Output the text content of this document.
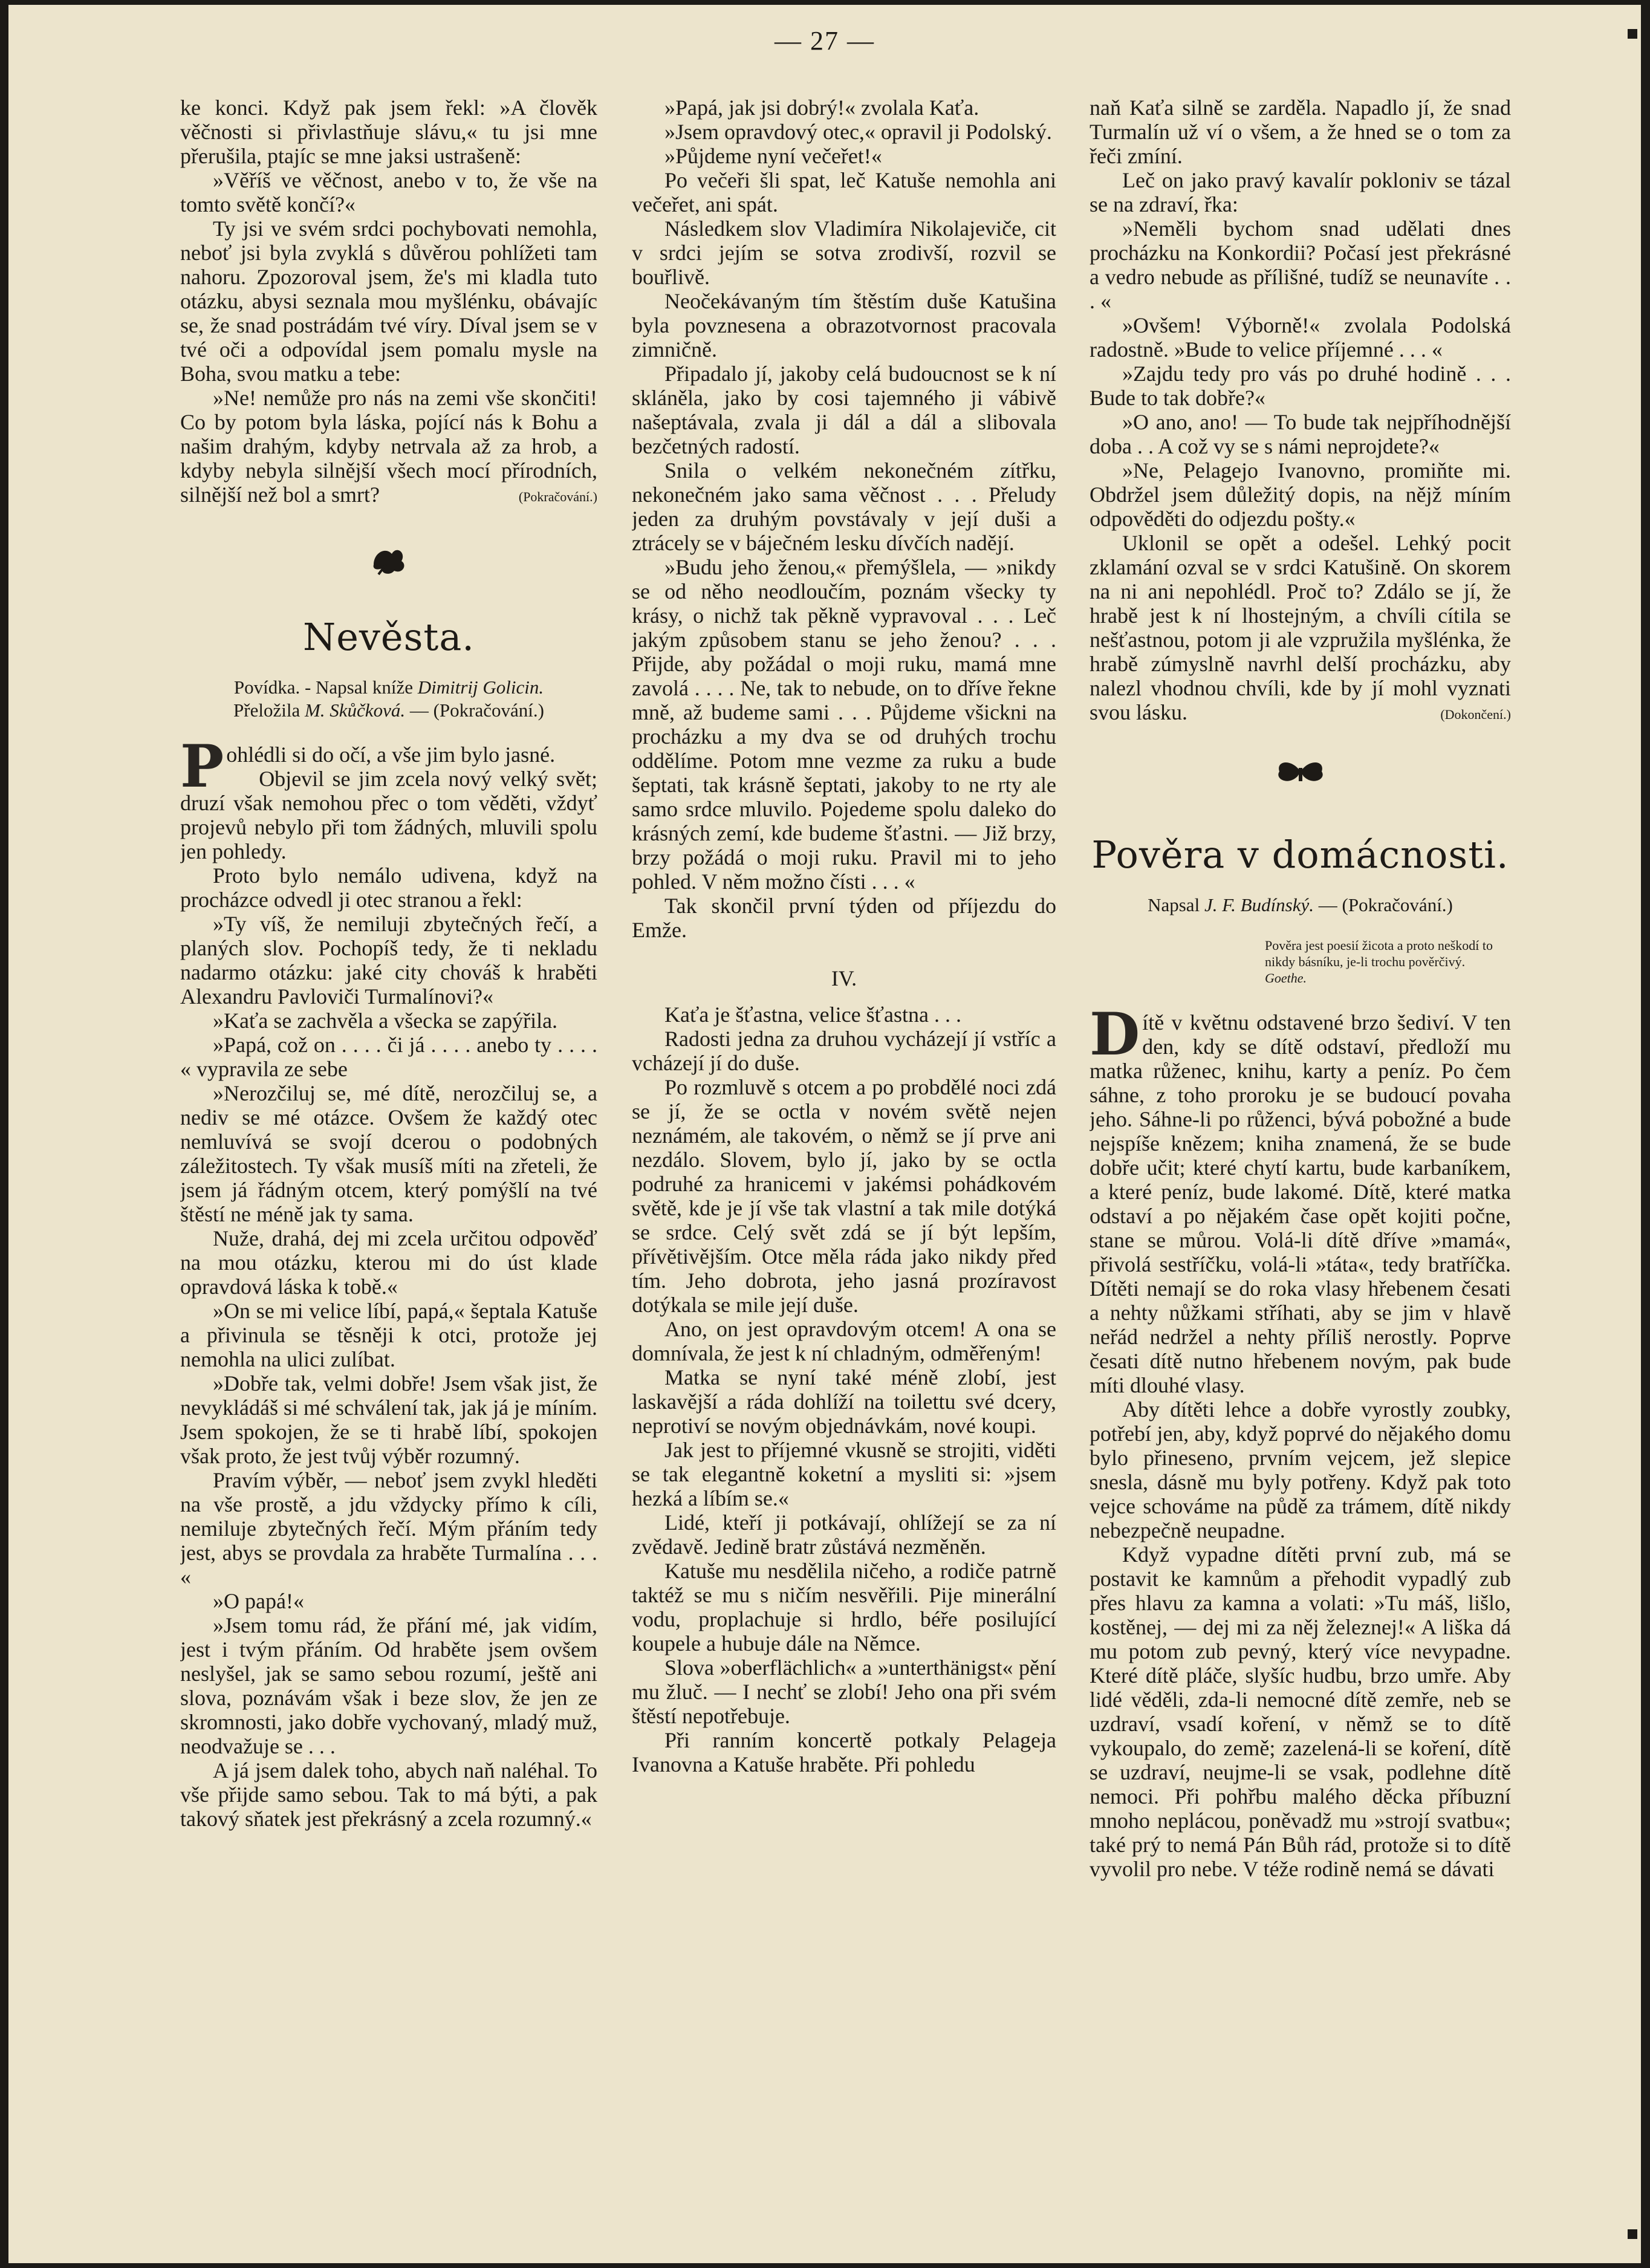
— 27 —

ke konci. Když pak jsem řekl: »A člověk věčnosti si přivlastňuje slávu,« tu jsi mne přerušila, ptajíc se mne jaksi ustrašeně:

»Věříš ve věčnost, anebo v to, že vše na tomto světě končí?«

Ty jsi ve svém srdci pochybovati nemohla, neboť jsi byla zvyklá s důvěrou pohlížeti tam nahoru. Zpozoroval jsem, že's mi kladla tuto otázku, abysi seznala mou myšlénku, obávajíc se, že snad postrádám tvé víry. Díval jsem se v tvé oči a odpovídal jsem pomalu mysle na Boha, svou matku a tebe:

»Ne! nemůže pro nás na zemi vše skončiti! Co by potom byla láska, pojící nás k Bohu a našim drahým, kdyby netrvala až za hrob, a kdyby nebyla silnější všech mocí přírodních, silnější než bol a smrt?	(Pokračování.)

Nevěsta.
Povídka. - Napsal kníže Dimitrij Golicin.
Přeložila M. Skůčková. — (Pokračování.)

Pohlédli si do očí, a vše jim bylo jasné.

Objevil se jim zcela nový velký svět; druzí však nemohou přec o tom věděti, vždyť projevů nebylo při tom žádných, mluvili spolu jen pohledy.

Proto bylo nemálo udivena, když na procházce odvedl ji otec stranou a řekl:

»Ty víš, že nemiluji zbytečných řečí, a planých slov. Pochopíš tedy, že ti nekladu nadarmo otázku: jaké city chováš k hraběti Alexandru Pavloviči Turmalínovi?«

»Kaťa se zachvěla a všecka se zapýřila.

»Papá, což on . . . . či já . . . . anebo ty . . . . « vypravila ze sebe

»Nerozčiluj se, mé dítě, nerozčiluj se, a nediv se mé otázce. Ovšem že každý otec nemluvívá se svojí dcerou o podobných záležitostech. Ty však musíš míti na zřeteli, že jsem já řádným otcem, který pomýšlí na tvé štěstí ne méně jak ty sama.

Nuže, drahá, dej mi zcela určitou odpověď na mou otázku, kterou mi do úst klade opravdová láska k tobě.«

»On se mi velice líbí, papá,« šeptala Katuše a přivinula se těsněji k otci, protože jej nemohla na ulici zulíbat.

»Dobře tak, velmi dobře! Jsem však jist, že nevykládáš si mé schválení tak, jak já je míním. Jsem spokojen, že se ti hrabě líbí, spokojen však proto, že jest tvůj výběr rozumný.

Pravím výběr, — neboť jsem zvykl hleděti na vše prostě, a jdu vždycky přímo k cíli, nemiluje zbytečných řečí. Mým přáním tedy jest, abys se provdala za hraběte Turmalína . . . «

»O papá!«

»Jsem tomu rád, že přání mé, jak vidím, jest i tvým přáním. Od hraběte jsem ovšem neslyšel, jak se samo sebou rozumí, ještě ani slova, poznávám však i beze slov, že jen ze skromnosti, jako dobře vychovaný, mladý muž, neodvažuje se . . .

A já jsem dalek toho, abych naň naléhal. To vše přijde samo sebou. Tak to má býti, a pak takový sňatek jest překrásný a zcela rozumný.«

»Papá, jak jsi dobrý!« zvolala Kaťa.

»Jsem opravdový otec,« opravil ji Podolský.

»Půjdeme nyní večeřet!«

Po večeři šli spat, leč Katuše nemohla ani večeřet, ani spát.

Následkem slov Vladimíra Nikolajeviče, cit v srdci jejím se sotva zrodivší, rozvil se bouřlivě.

Neočekávaným tím štěstím duše Katušina byla povznesena a obrazotvornost pracovala zimničně.

Připadalo jí, jakoby celá budoucnost se k ní skláněla, jako by cosi tajemného ji vábivě našeptávala, zvala ji dál a dál a slibovala bezčetných radostí.

Snila o velkém nekonečném zítřku, nekonečném jako sama věčnost . . . Přeludy jeden za druhým povstávaly v její duši a ztrácely se v báječném lesku dívčích nadějí.

»Budu jeho ženou,« přemýšlela, — »nikdy se od něho neodloučím, poznám všecky ty krásy, o nichž tak pěkně vypravoval . . . Leč jakým způsobem stanu se jeho ženou? . . . Přijde, aby požádal o moji ruku, mamá mne zavolá . . . . Ne, tak to nebude, on to dříve řekne mně, až budeme sami . . . Půjdeme všickni na procházku a my dva se od druhých trochu oddělíme. Potom mne vezme za ruku a bude šeptati, tak krásně šeptati, jakoby to ne rty ale samo srdce mluvilo. Pojedeme spolu daleko do krásných zemí, kde budeme šťastni. — Již brzy, brzy požádá o moji ruku. Pravil mi to jeho pohled. V něm možno čísti . . . «

Tak skončil první týden od příjezdu do Emže.

IV.

Kaťa je šťastna, velice šťastna . . .

Radosti jedna za druhou vycházejí jí vstříc a vcházejí jí do duše.

Po rozmluvě s otcem a po probdělé noci zdá se jí, že se octla v novém světě nejen neznámém, ale takovém, o němž se jí prve ani nezdálo. Slovem, bylo jí, jako by se octla podruhé za hranicemi v jakémsi pohádkovém světě, kde je jí vše tak vlastní a tak mile dotýká se srdce. Celý svět zdá se jí být lepším, přívětivějším. Otce měla ráda jako nikdy před tím. Jeho dobrota, jeho jasná prozíravost dotýkala se mile její duše.

Ano, on jest opravdovým otcem! A ona se domnívala, že jest k ní chladným, odměřeným!

Matka se nyní také méně zlobí, jest laskavější a ráda dohlíží na toilettu své dcery, neprotiví se novým objednávkám, nové koupi.

Jak jest to příjemné vkusně se strojiti, viděti se tak elegantně koketní a mysliti si: »jsem hezká a líbím se.«

Lidé, kteří ji potkávají, ohlížejí se za ní zvědavě. Jedině bratr zůstává nezměněn.

Katuše mu nesdělila ničeho, a rodiče patrně taktéž se mu s ničím nesvěřili. Pije minerální vodu, proplachuje si hrdlo, béře posilující koupele a hubuje dále na Němce.

Slova »oberflächlich« a »unterthänigst« pění mu žluč. — I nechť se zlobí! Jeho ona při svém štěstí nepotřebuje.

Při ranním koncertě potkaly Pelageja Ivanovna a Katuše hraběte. Při pohledu

naň Kaťa silně se zarděla. Napadlo jí, že snad Turmalín už ví o všem, a že hned se o tom za řeči zmíní.

Leč on jako pravý kavalír pokloniv se tázal se na zdraví, řka:

»Neměli bychom snad udělati dnes procházku na Konkordii? Počasí jest překrásné a vedro nebude as přílišné, tudíž se neunavíte . . . «

»Ovšem! Výborně!« zvolala Podolská radostně. »Bude to velice příjemné . . . «

»Zajdu tedy pro vás po druhé hodině . . . Bude to tak dobře?«

»O ano, ano! — To bude tak nejpříhodnější doba . . A což vy se s námi neprojdete?«

»Ne, Pelagejo Ivanovno, promiňte mi. Obdržel jsem důležitý dopis, na nějž míním odpověděti do odjezdu pošty.«

Uklonil se opět a odešel. Lehký pocit zklamání ozval se v srdci Katušině. On skorem na ni ani nepohlédl. Proč to? Zdálo se jí, že hrabě jest k ní lhostejným, a chvíli cítila se nešťastnou, potom ji ale vzpružila myšlénka, že hrabě zúmyslně navrhl delší procházku, aby nalezl vhodnou chvíli, kde by jí mohl vyznati svou lásku.	(Dokončení.)

Pověra v domácnosti.
Napsal J. F. Budínský. — (Pokračování.)
Pověra jest poesií žicota a proto neškodí to nikdy básníku, je-li trochu pověrčivý. Goethe.

Dítě v květnu odstavené brzo šediví. V ten den, kdy se dítě odstaví, předloží mu matka růženec, knihu, karty a peníz. Po čem sáhne, z toho proroku je se budoucí povaha jeho. Sáhne-li po růženci, bývá pobožné a bude nejspíše knězem; kniha znamená, že se bude dobře učit; které chytí kartu, bude karbaníkem, a které peníz, bude lakomé. Dítě, které matka odstaví a po nějakém čase opět kojiti počne, stane se můrou. Volá-li dítě dříve »mamá«, přivolá sestříčku, volá-li »táta«, tedy bratříčka. Dítěti nemají se do roka vlasy hřebenem česati a nehty nůžkami stříhati, aby se jim v hlavě neřád nedržel a nehty příliš nerostly. Poprve česati dítě nutno hřebenem novým, pak bude míti dlouhé vlasy.

Aby dítěti lehce a dobře vyrostly zoubky, potřebí jen, aby, když poprvé do nějakého domu bylo přineseno, prvním vejcem, jež slepice snesla, dásně mu byly potřeny. Když pak toto vejce schováme na půdě za trámem, dítě nikdy nebezpečně neupadne.

Když vypadne dítěti první zub, má se postavit ke kamnům a přehodit vypadlý zub přes hlavu za kamna a volati: »Tu máš, lišlo, kostěnej, — dej mi za něj železnej!« A liška dá mu potom zub pevný, který více nevypadne. Které dítě pláče, slyšíc hudbu, brzo umře. Aby lidé věděli, zda-li nemocné dítě zemře, neb se uzdraví, vsadí koření, v němž se to dítě vykoupalo, do země; zazelená-li se koření, dítě se uzdraví, neujme-li se vsak, podlehne dítě nemoci. Při pohřbu malého děcka příbuzní mnoho neplácou, poněvadž mu »strojí svatbu«; také prý to nemá Pán Bůh rád, protože si to dítě vyvolil pro nebe. V téže rodině nemá se dávati
